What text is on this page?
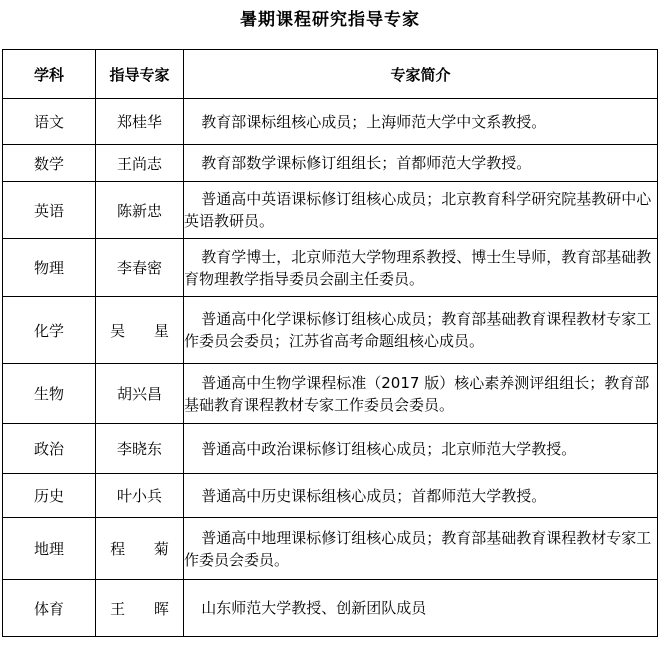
暑期课程研究指导专家
学科	指导专家	专家简介
语文	郑桂华	教育部课标组核心成员；上海师范大学中文系教授。

数学	王尚志	教育部数学课标修订组组长；首都师范大学教授。

英语	陈新忠	普通高中英语课标修订组核心成员；北京教育科学研究院基教研中心英语教研员。

物理	李春密	教育学博士，北京师范大学物理系教授、博士生导师，教育部基础教育物理教学指导委员会副主任委员。

化学	吴 星	普通高中化学课标修订组核心成员；教育部基础教育课程教材专家工作委员会委员；江苏省高考命题组核心成员。

生物	胡兴昌	普通高中生物学课程标准（2017 版）核心素养测评组组长；教育部基础教育课程教材专家工作委员会委员。

政治	李晓东	普通高中政治课标修订组核心成员；北京师范大学教授。

历史	叶小兵	普通高中历史课标组核心成员；首都师范大学教授。

地理	程 菊	普通高中地理课标修订组核心成员；教育部基础教育课程教材专家工作委员会委员。

体育	王 晖	山东师范大学教授、创新团队成员
